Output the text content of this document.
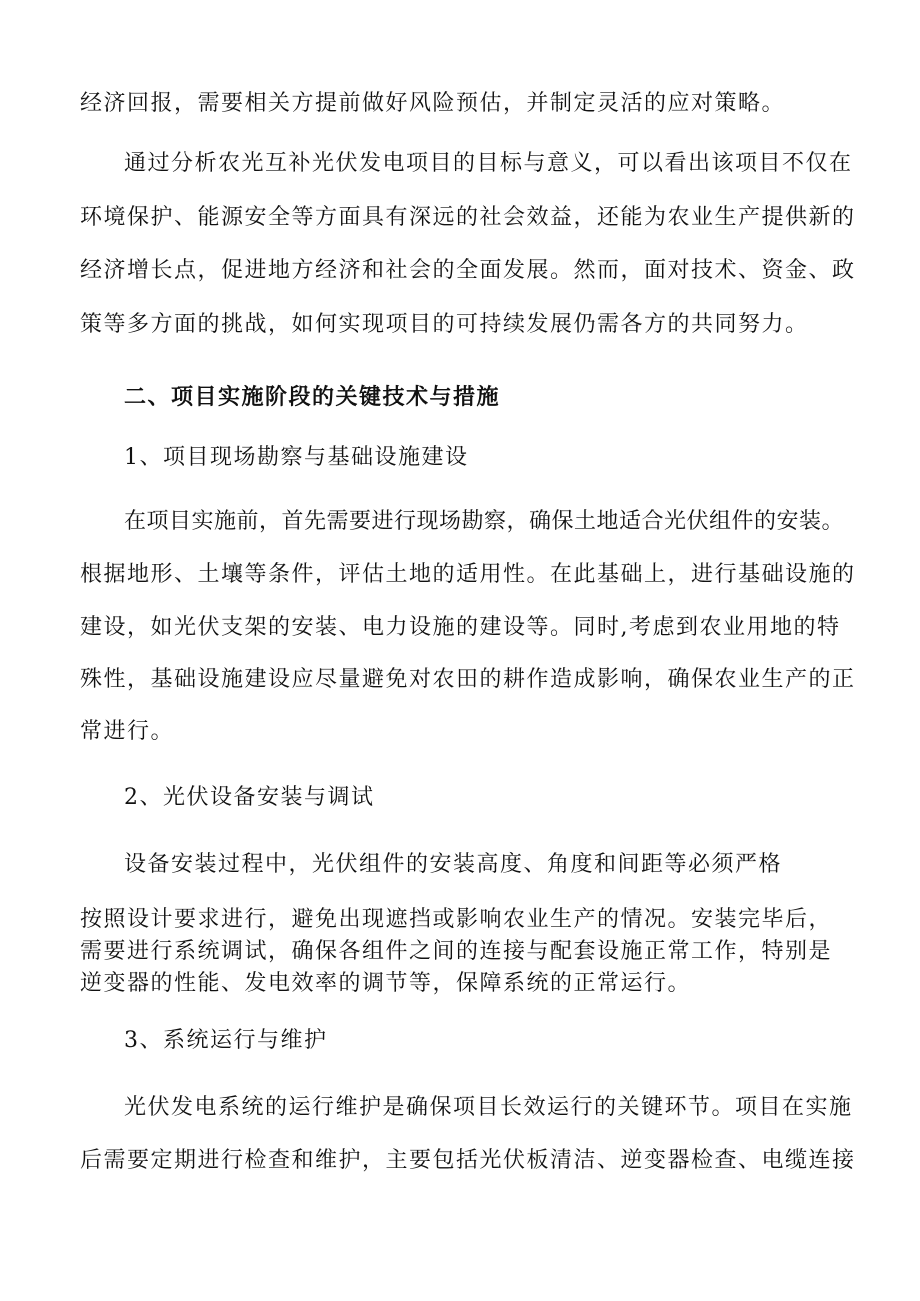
经济回报，需要相关方提前做好风险预估，并制定灵活的应对策略。
通过分析农光互补光伏发电项目的目标与意义，可以看出该项目不仅在
环境保护、能源安全等方面具有深远的社会效益，还能为农业生产提供新的
经济增长点，促进地方经济和社会的全面发展。然而，面对技术、资金、政
策等多方面的挑战，如何实现项目的可持续发展仍需各方的共同努力。
二、项目实施阶段的关键技术与措施
1、项目现场勘察与基础设施建设
在项目实施前，首先需要进行现场勘察，确保土地适合光伏组件的安装。
根据地形、土壤等条件，评估土地的适用性。在此基础上，进行基础设施的
建设，如光伏支架的安装、电力设施的建设等。同时,考虑到农业用地的特
殊性，基础设施建设应尽量避免对农田的耕作造成影响，确保农业生产的正
常进行。
2、光伏设备安装与调试
设备安装过程中，光伏组件的安装高度、角度和间距等必须严格
按照设计要求进行，避免出现遮挡或影响农业生产的情况。安装完毕后，
需要进行系统调试，确保各组件之间的连接与配套设施正常工作，特别是
逆变器的性能、发电效率的调节等，保障系统的正常运行。
3、系统运行与维护
光伏发电系统的运行维护是确保项目长效运行的关键环节。项目在实施
后需要定期进行检查和维护，主要包括光伏板清洁、逆变器检查、电缆连接
